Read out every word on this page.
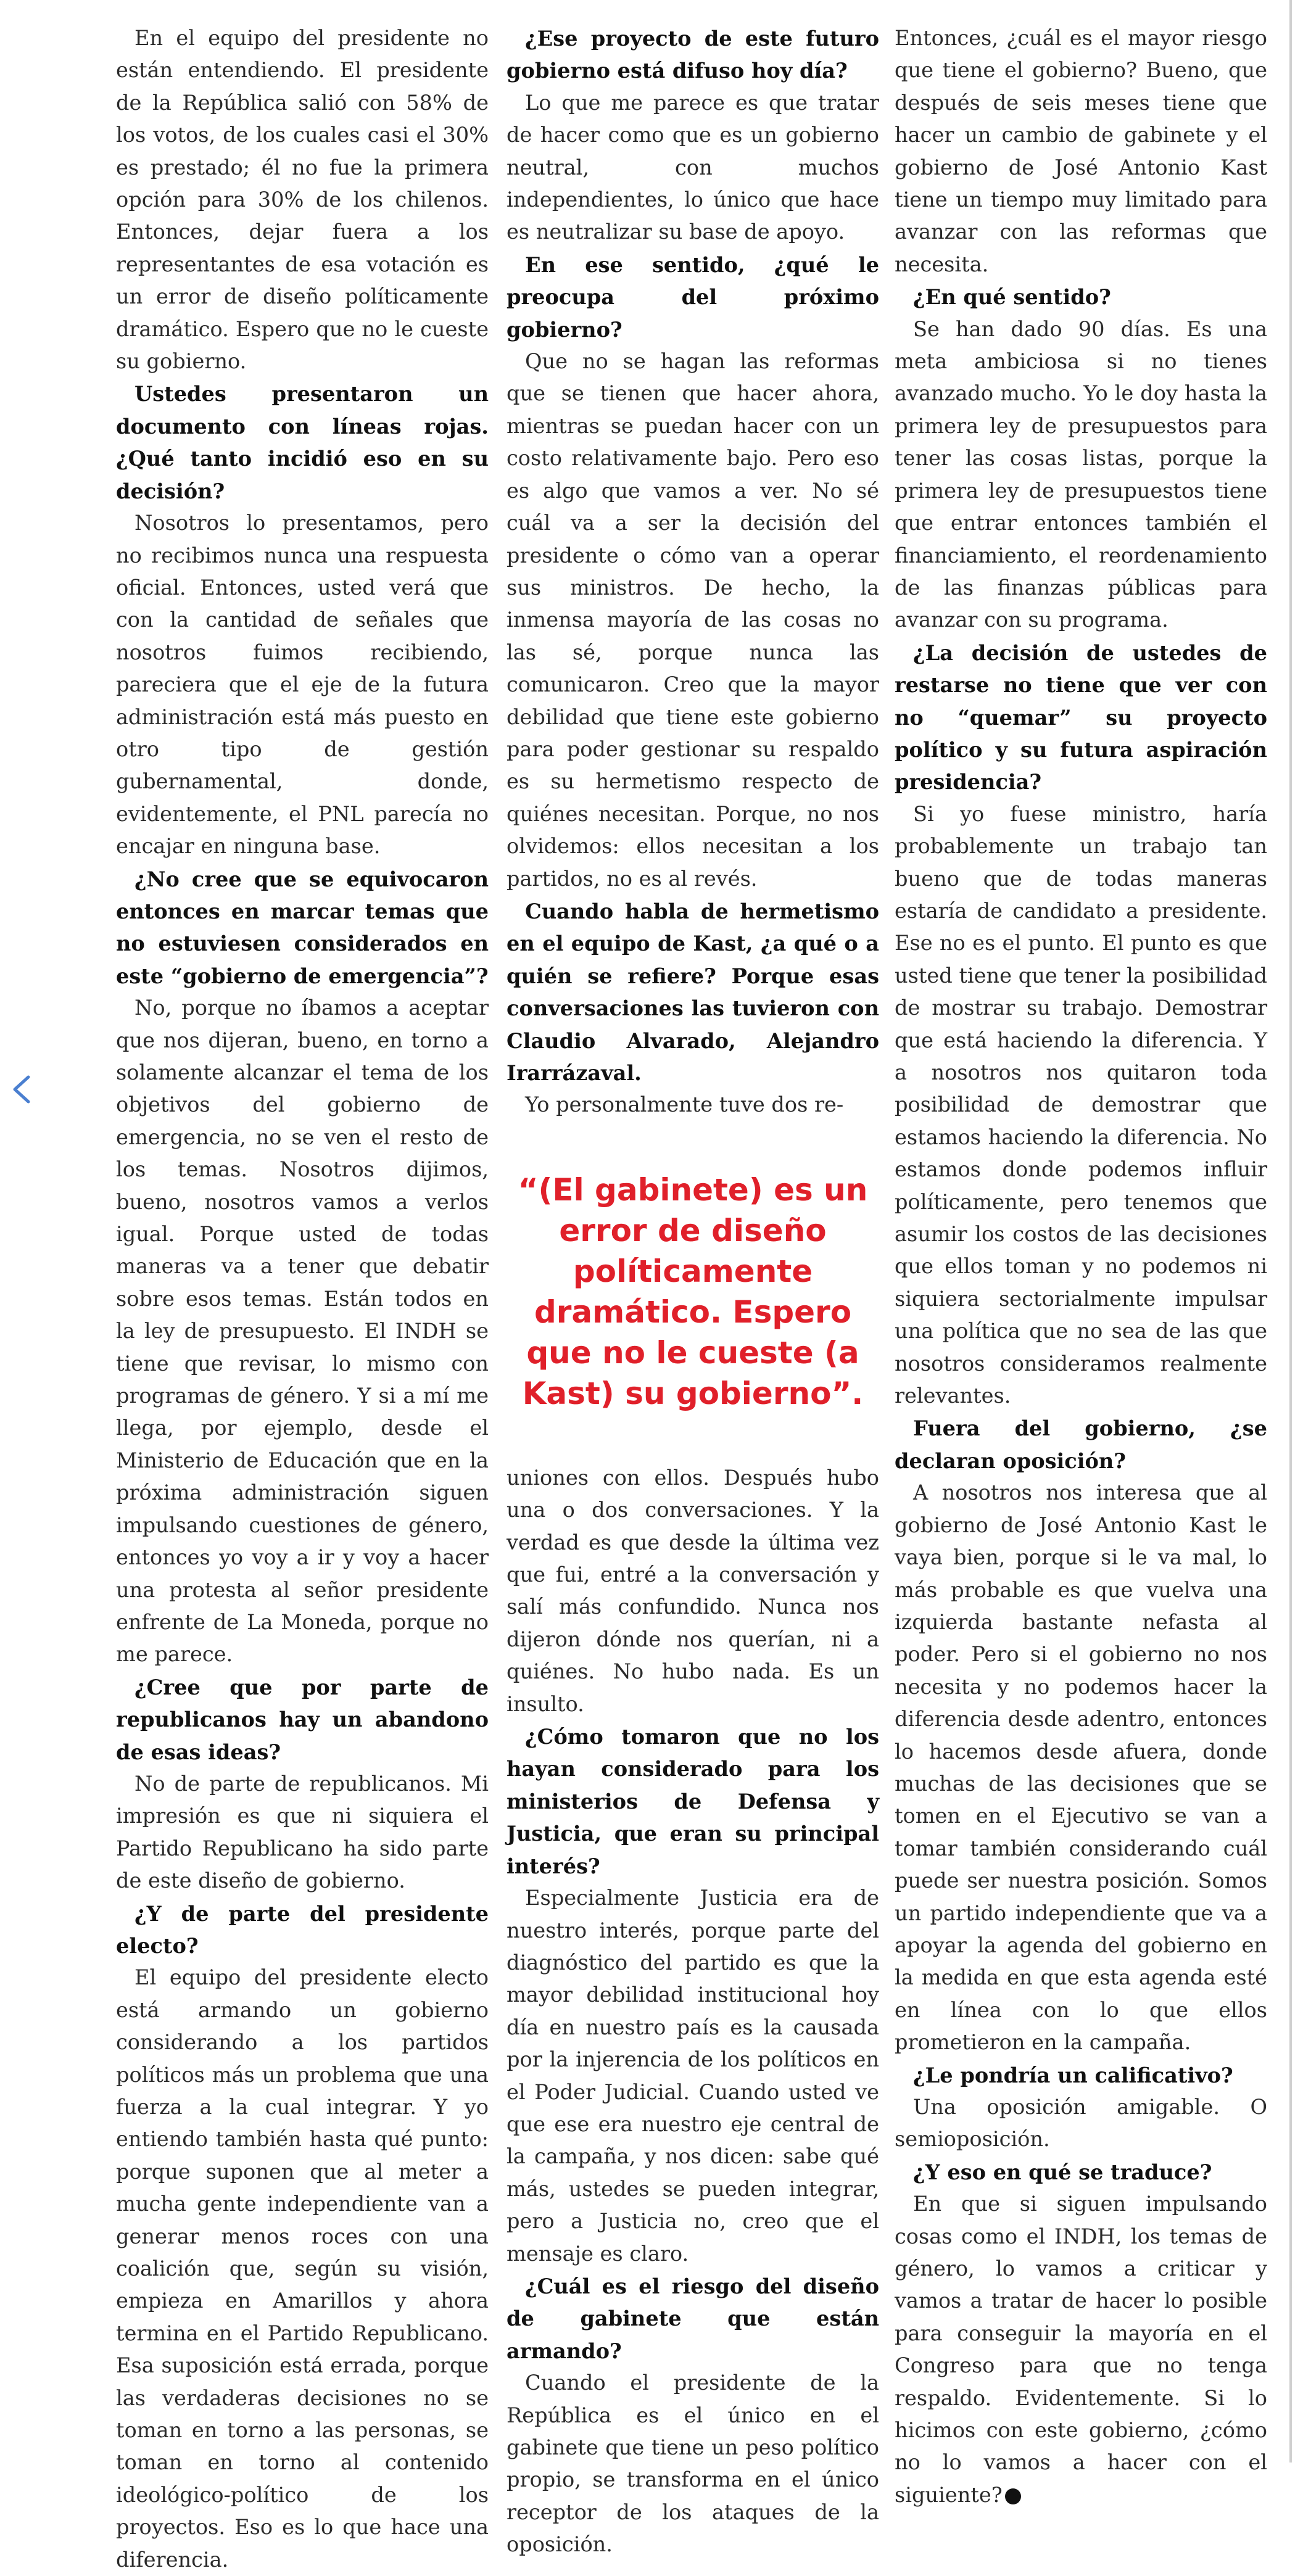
En el equipo del presidente no están entendiendo. El presidente de la República salió con 58% de los votos, de los cuales casi el 30% es prestado; él no fue la primera opción para 30% de los chilenos. Entonces, dejar fuera a los representantes de esa votación es un error de diseño políticamente dramático. Espero que no le cueste su gobierno.

Ustedes presentaron un documento con líneas rojas. ¿Qué tanto incidió eso en su decisión?

Nosotros lo presentamos, pero no recibimos nunca una respuesta oficial. Entonces, usted verá que con la cantidad de señales que nosotros fuimos recibiendo, pareciera que el eje de la futura administración está más puesto en otro tipo de gestión gubernamental, donde, evidentemente, el PNL parecía no encajar en ninguna base.

¿No cree que se equivocaron entonces en marcar temas que no estuviesen considerados en este “gobierno de emergencia”?

No, porque no íbamos a aceptar que nos dijeran, bueno, en torno a solamente alcanzar el tema de los objetivos del gobierno de emergencia, no se ven el resto de los temas. Nosotros dijimos, bueno, nosotros vamos a verlos igual. Porque usted de todas maneras va a tener que debatir sobre esos temas. Están todos en la ley de presupuesto. El INDH se tiene que revisar, lo mismo con programas de género. Y si a mí me llega, por ejemplo, desde el Ministerio de Educación que en la próxima administración siguen impulsando cuestiones de género, entonces yo voy a ir y voy a hacer una protesta al señor presidente enfrente de La Moneda, porque no me parece.

¿Cree que por parte de republicanos hay un abandono de esas ideas?

No de parte de republicanos. Mi impresión es que ni siquiera el Partido Republicano ha sido parte de este diseño de gobierno.

¿Y de parte del presidente electo?

El equipo del presidente electo está armando un gobierno considerando a los partidos políticos más un problema que una fuerza a la cual integrar. Y yo entiendo también hasta qué punto: porque suponen que al meter a mucha gente independiente van a generar menos roces con una coalición que, según su visión, empieza en Amarillos y ahora termina en el Partido Republicano. Esa suposición está errada, porque las verdaderas decisiones no se toman en torno a las personas, se toman en torno al contenido ideológico-político de los proyectos. Eso es lo que hace una diferencia.

¿Ese proyecto de este futuro gobierno está difuso hoy día?

Lo que me parece es que tratar de hacer como que es un gobierno neutral, con muchos independientes, lo único que hace es neutralizar su base de apoyo.

En ese sentido, ¿qué le preocupa del próximo gobierno?

Que no se hagan las reformas que se tienen que hacer ahora, mientras se puedan hacer con un costo relativamente bajo. Pero eso es algo que vamos a ver. No sé cuál va a ser la decisión del presidente o cómo van a operar sus ministros. De hecho, la inmensa mayoría de las cosas no las sé, porque nunca las comunicaron. Creo que la mayor debilidad que tiene este gobierno para poder gestionar su respaldo es su hermetismo respecto de quiénes necesitan. Porque, no nos olvidemos: ellos necesitan a los partidos, no es al revés.

Cuando habla de hermetismo en el equipo de Kast, ¿a qué o a quién se refiere? Porque esas conversaciones las tuvieron con Claudio Alvarado, Alejandro Irarrázaval.

Yo personalmente tuve dos re-

“(El gabinete) es un error de diseño políticamente dramático. Espero que no le cueste (a Kast) su gobierno”.

uniones con ellos. Después hubo una o dos conversaciones. Y la verdad es que desde la última vez que fui, entré a la conversación y salí más confundido. Nunca nos dijeron dónde nos querían, ni a quiénes. No hubo nada. Es un insulto.

¿Cómo tomaron que no los hayan considerado para los ministerios de Defensa y Justicia, que eran su principal interés?

Especialmente Justicia era de nuestro interés, porque parte del diagnóstico del partido es que la mayor debilidad institucional hoy día en nuestro país es la causada por la injerencia de los políticos en el Poder Judicial. Cuando usted ve que ese era nuestro eje central de la campaña, y nos dicen: sabe qué más, ustedes se pueden integrar, pero a Justicia no, creo que el mensaje es claro.

¿Cuál es el riesgo del diseño de gabinete que están armando?

Cuando el presidente de la República es el único en el gabinete que tiene un peso político propio, se transforma en el único receptor de los ataques de la oposición.

Entonces, ¿cuál es el mayor riesgo que tiene el gobierno? Bueno, que después de seis meses tiene que hacer un cambio de gabinete y el gobierno de José Antonio Kast tiene un tiempo muy limitado para avanzar con las reformas que necesita.

¿En qué sentido?

Se han dado 90 días. Es una meta ambiciosa si no tienes avanzado mucho. Yo le doy hasta la primera ley de presupuestos para tener las cosas listas, porque la primera ley de presupuestos tiene que entrar entonces también el financiamiento, el reordenamiento de las finanzas públicas para avanzar con su programa.

¿La decisión de ustedes de restarse no tiene que ver con no “quemar” su proyecto político y su futura aspiración presidencia?

Si yo fuese ministro, haría probablemente un trabajo tan bueno que de todas maneras estaría de candidato a presidente. Ese no es el punto. El punto es que usted tiene que tener la posibilidad de mostrar su trabajo. Demostrar que está haciendo la diferencia. Y a nosotros nos quitaron toda posibilidad de demostrar que estamos haciendo la diferencia. No estamos donde podemos influir políticamente, pero tenemos que asumir los costos de las decisiones que ellos toman y no podemos ni siquiera sectorialmente impulsar una política que no sea de las que nosotros consideramos realmente relevantes.

Fuera del gobierno, ¿se declaran oposición?

A nosotros nos interesa que al gobierno de José Antonio Kast le vaya bien, porque si le va mal, lo más probable es que vuelva una izquierda bastante nefasta al poder. Pero si el gobierno no nos necesita y no podemos hacer la diferencia desde adentro, entonces lo hacemos desde afuera, donde muchas de las decisiones que se tomen en el Ejecutivo se van a tomar también considerando cuál puede ser nuestra posición. Somos un partido independiente que va a apoyar la agenda del gobierno en la medida en que esta agenda esté en línea con lo que ellos prometieron en la campaña.

¿Le pondría un calificativo?

Una oposición amigable. O semioposición.

¿Y eso en qué se traduce?

En que si siguen impulsando cosas como el INDH, los temas de género, lo vamos a criticar y vamos a tratar de hacer lo posible para conseguir la mayoría en el Congreso para que no tenga respaldo. Evidentemente. Si lo hicimos con este gobierno, ¿cómo no lo vamos a hacer con el siguiente?
